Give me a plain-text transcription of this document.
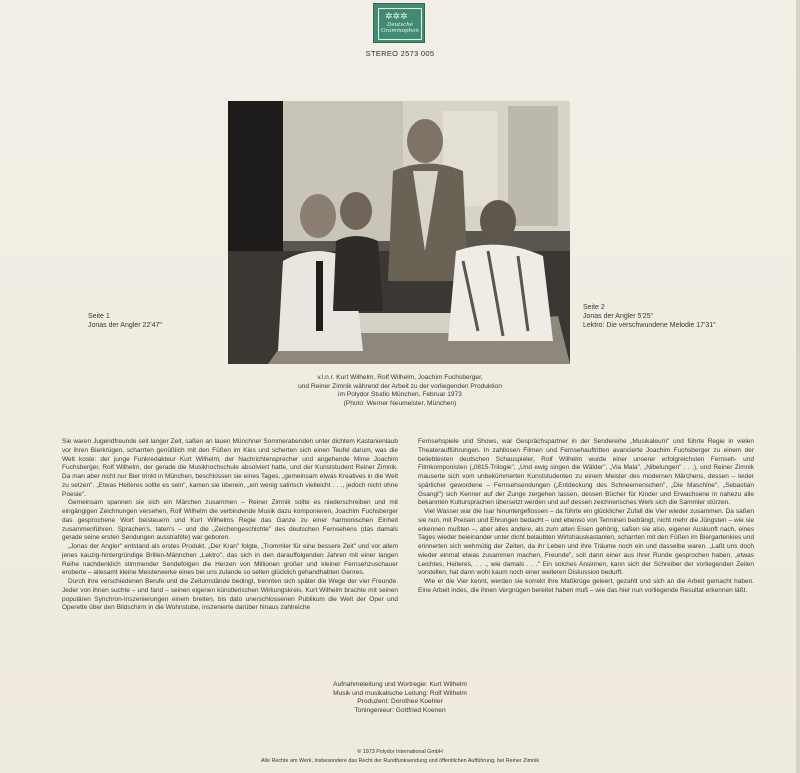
✲✲✲
Deutsche
Grammophon
STEREO 2573 005
Seite 1
Jonas der Angler 22'47"
Seite 2
Jonas der Angler 5'25"
Lektro: Die verschwundene Melodie 17'31"
v.l.n.r. Kurt Wilhelm, Rolf Wilhelm, Joachim Fuchsberger,
und Reiner Zimnik während der Arbeit zu der vorliegenden Produktion
im Polydor Studio München, Februar 1973
(Photo: Werner Neumeister, München)

Sie waren Jugendfreunde seit langer Zeit, saßen an lauen Münchner Sommerabenden unter dichtem Kastanienlaub vor ihren Bierkrügen, scharrten genüßlich mit den Füßen im Kies und scherten sich einen Teufel darum, was die Welt koste: der junge Funkredakteur Kurt Wilhelm, der Nachrichtensprecher und angehende Mime Joachim Fuchsberger, Rolf Wilhelm, der gerade die Musikhochschule absolviert hatte, und der Kunststudent Reiner Zimnik. Da man aber nicht nur Bier trinkt in München, beschlossen sie eines Tages, „gemeinsam etwas Kreatives in die Welt zu setzen". „Etwas Heiteres sollte es sein", kamen sie überein, „ein wenig satirisch vielleicht . . ., jedoch nicht ohne Poesie".

Gemeinsam spannen sie sich ein Märchen zusammen – Reiner Zimnik sollte es niederschreiben und mit eingängigen Zeichnungen versehen, Rolf Wilhelm die verbindende Musik dazu komponieren, Joachim Fuchsberger das gesprochene Wort beisteuern und Kurt Wilhelms Regie das Ganze zu einer harmonischen Einheit zusammenführen. Sprachen's, taten's – und die „Zeichengeschichte" des deutschen Fernsehens (das damals gerade seine ersten Sendungen ausstrahlte) war geboren.

„Jonas der Angler" entstand als erstes Produkt, „Der Kran" folgte, „Trommler für eine bessere Zeit" und vor allem jenes kauzig-hintergründige Brillen-Männchen „Lektro", das sich in den darauffolgenden Jahren mit einer langen Reihe nachdenklich stimmender Sendefolgen die Herzen von Millionen großer und kleiner Fernsehzuschauer eroberte – allesamt kleine Meisterwerke eines bei uns zulande so selten glücklich gehandhabten Genres.

Durch ihre verschiedenen Berufe und die Zeitumstände bedingt, trennten sich später die Wege der vier Freunde. Jeder von ihnen suchte – und fand – seinen eigenen künstlerischen Wirkungskreis. Kurt Wilhelm brachte mit seinen populären Synchron-Inszenierungen einem breiten, bis dato unerschlossenen Publikum die Welt der Oper und Operette über den Bildschirm in die Wohnstube, inszenierte darüber hinaus zahlreiche

Fernsehspiele und Shows, war Gesprächspartner in der Sendereihe „Musikaleum" und führte Regie in vielen Theateraufführungen. In zahllosen Filmen und Fernsehauftritten avancierte Joachim Fuchsberger zu einem der beliebtesten deutschen Schauspieler, Rolf Wilhelm wurde einer unserer erfolgreichsten Fernseh- und Filmkomponisten („0815-Trilogie", „Und ewig singen die Wälder", „Via Mala", „Nibelungen" . . .), und Reiner Zimnik mauserte sich vom unbekümmerten Kunststudenten zu einem Meister des modernen Märchens, dessen – leider spärlicher gewordene – Fernsehsendungen („Entdeckung des Schneemenschen", „Die Maschine", „Sebastian Gsangl") sich Kenner auf der Zunge zergehen lassen, dessen Bücher für Kinder und Erwachsene in nahezu alle bekannten Kultursprachen übersetzt werden und auf dessen zeichnerisches Werk sich die Sammler stürzen.

Viel Wasser war die Isar hinuntergeflossen – da führte ein glücklicher Zufall die Vier wieder zusammen. Da saßen sie nun, mit Preisen und Ehrungen bedacht – und ebenso von Terminen bedrängt, nicht mehr die Jüngsten – wie sie erkennen mußten –, aber alles andere, als zum alten Eisen gehörig, saßen sie also, eigener Auskunft nach, eines Tages wieder beieinander unter dicht belaubten Wirtshauskastanien, scharrten mit den Füßen im Biergartenkies und erinnerten sich wehmütig der Zeiten, da ihr Leben und ihre Träume noch ein und dasselbe waren. „Laßt uns doch wieder einmal etwas zusammen machen, Freunde", soll dann einer aus ihrer Runde gesprochen haben, „etwas Leichtes, Heiteres, . . ., wie damals . . ." Ein solches Ansinnen, kann sich der Schreiber der vorliegenden Zeilen vorstellen, hat dann wohl kaum noch einer weiteren Diskussion bedurft.

Wie er die Vier kennt, werden sie korrekt ihre Maßkrüge geleert, gezahlt und sich an die Arbeit gemacht haben. Eine Arbeit indes, die ihnen Vergnügen bereitet haben muß – wie das hier nun vorliegende Resultat erkennen läßt.

Aufnahmeleitung und Wortregie: Kurt Wilhelm
Musik und musikalische Leitung: Rolf Wilhelm
Produzent: Dorothee Koehler
Toningenieur: Gottfried Koenen
℗ 1973 Polydor International GmbH
Alle Rechte am Werk, insbesondere das Recht der Rundfunksendung und öffentlichen Aufführung, bei Reiner Zimnik
